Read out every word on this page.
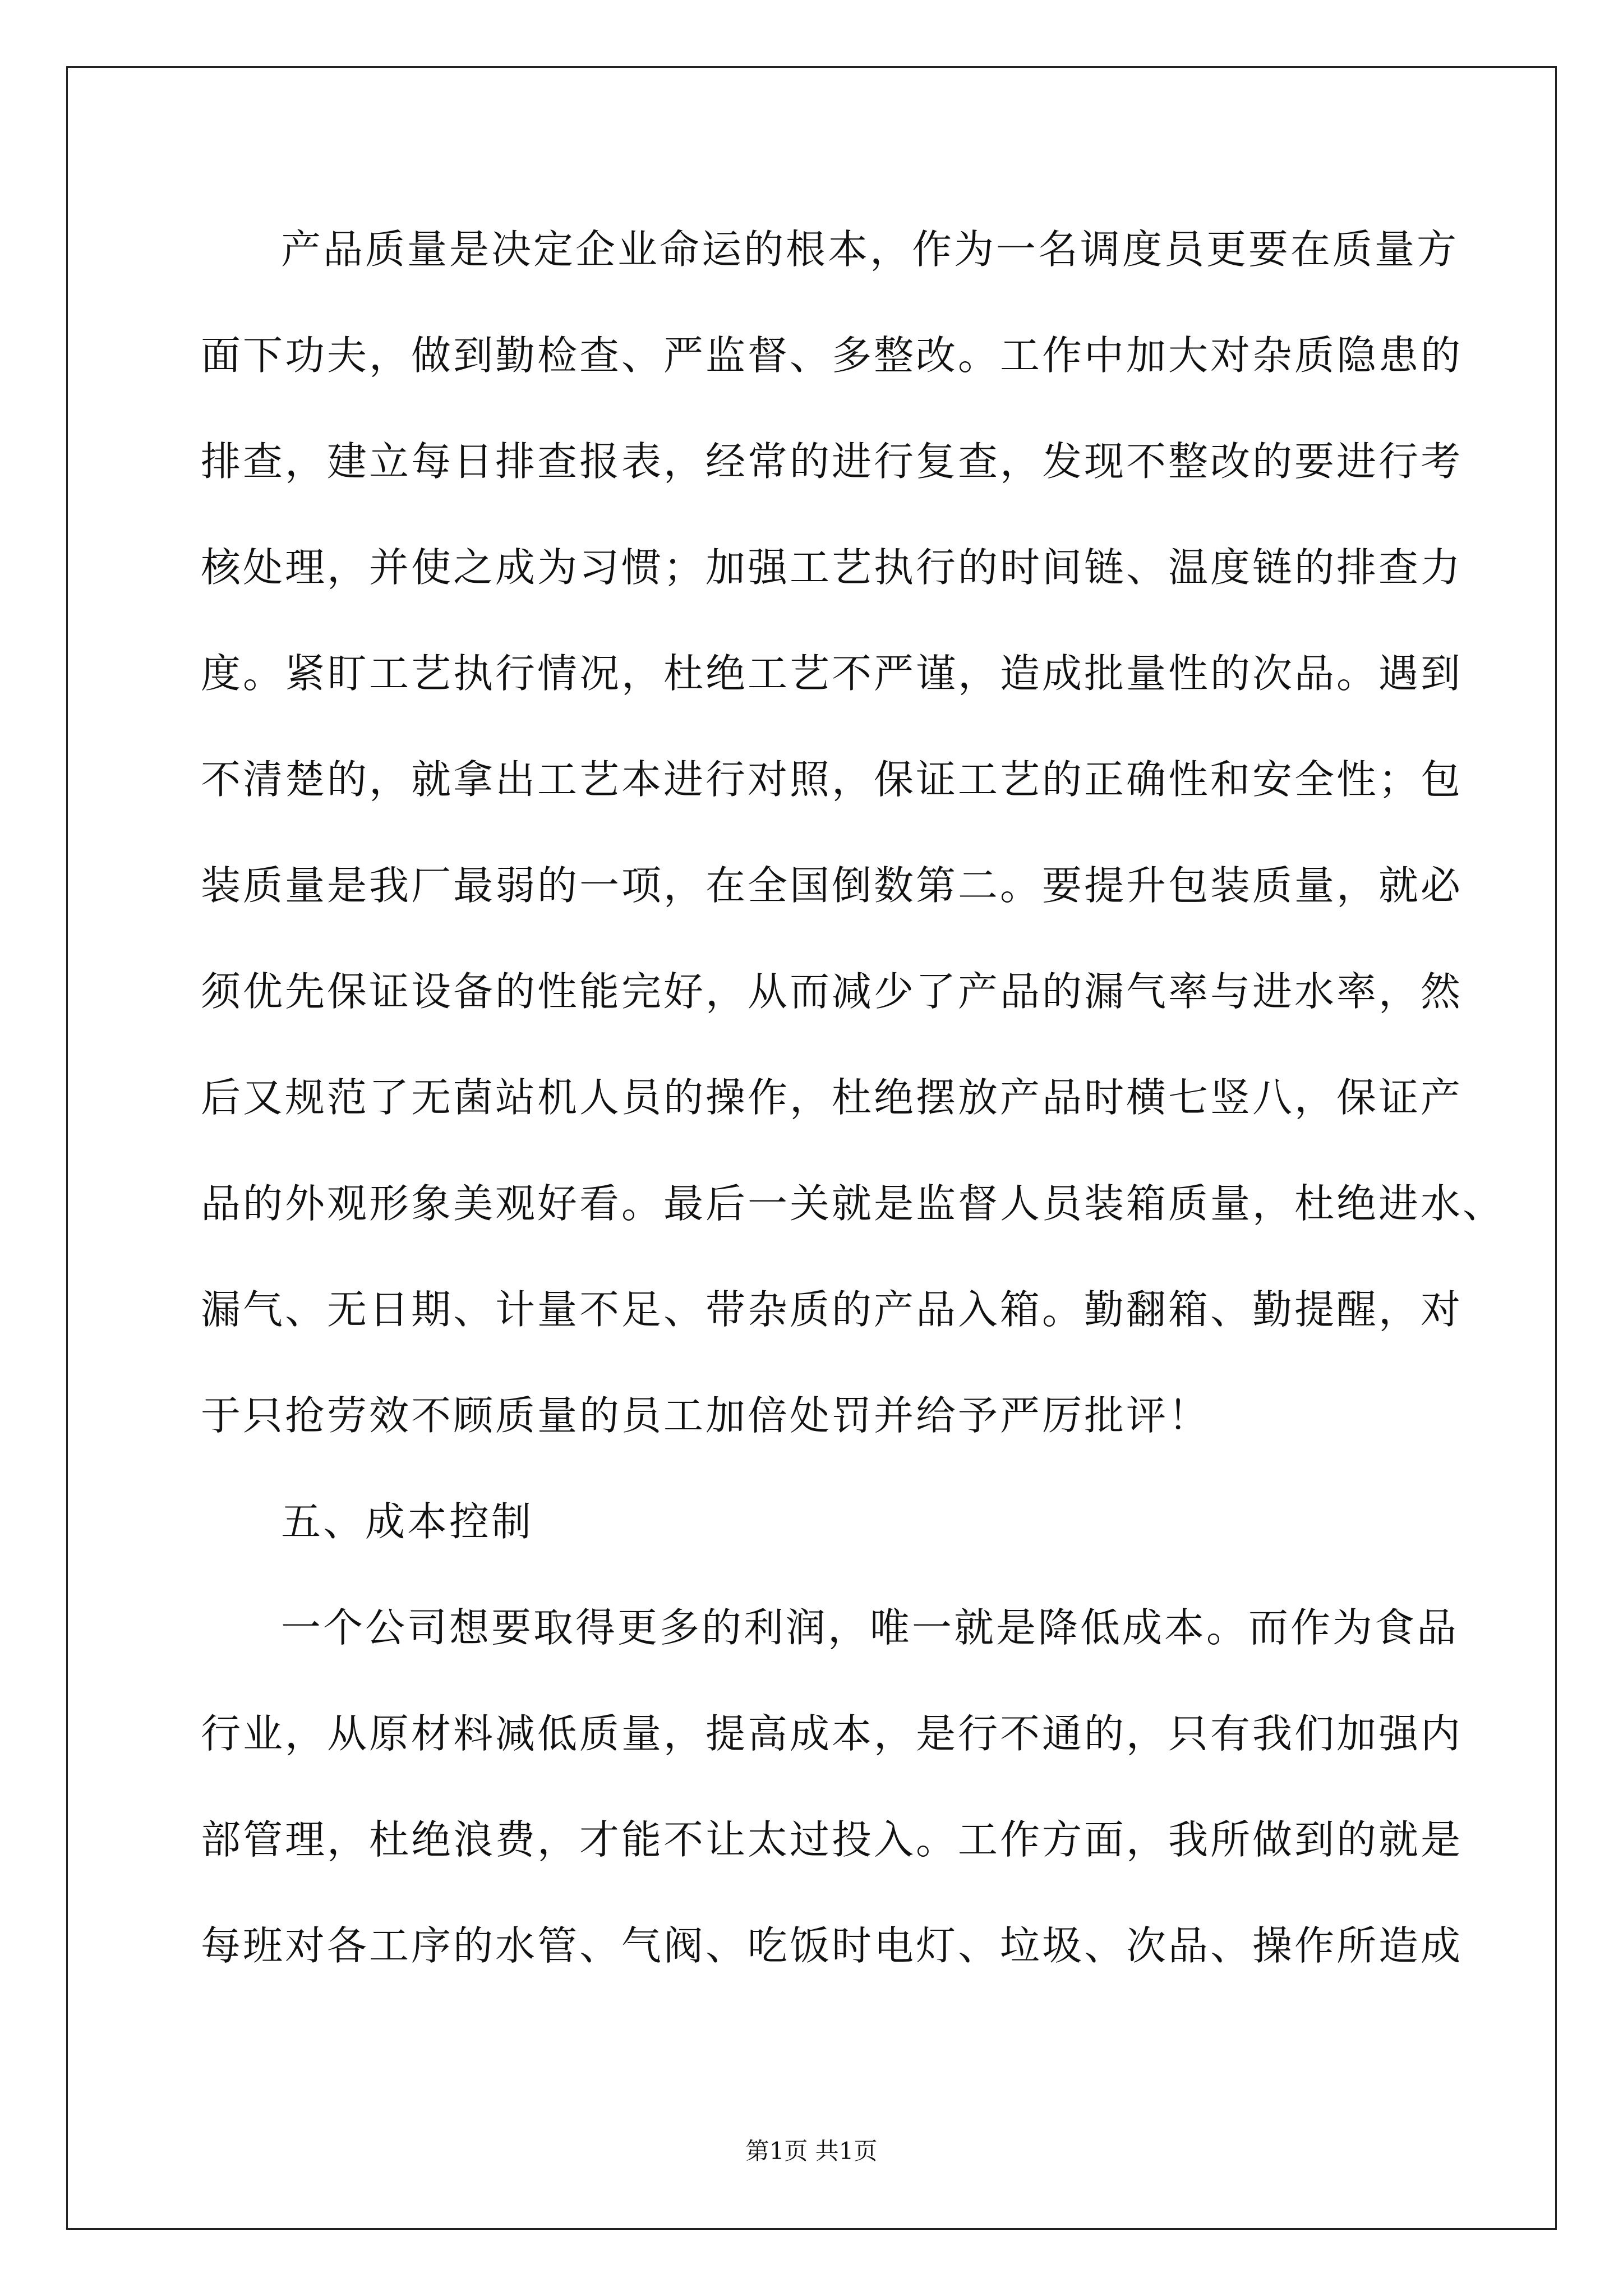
产品质量是决定企业命运的根本，作为一名调度员更要在质量方
面下功夫，做到勤检查、严监督、多整改。工作中加大对杂质隐患的
排查，建立每日排查报表，经常的进行复查，发现不整改的要进行考
核处理，并使之成为习惯；加强工艺执行的时间链、温度链的排查力
度。紧盯工艺执行情况，杜绝工艺不严谨，造成批量性的次品。遇到
不清楚的，就拿出工艺本进行对照，保证工艺的正确性和安全性；包
装质量是我厂最弱的一项，在全国倒数第二。要提升包装质量，就必
须优先保证设备的性能完好，从而减少了产品的漏气率与进水率，然
后又规范了无菌站机人员的操作，杜绝摆放产品时横七竖八，保证产
品的外观形象美观好看。最后一关就是监督人员装箱质量，杜绝进水、
漏气、无日期、计量不足、带杂质的产品入箱。勤翻箱、勤提醒，对
于只抢劳效不顾质量的员工加倍处罚并给予严厉批评！
五、成本控制
一个公司想要取得更多的利润，唯一就是降低成本。而作为食品
行业，从原材料减低质量，提高成本，是行不通的，只有我们加强内
部管理，杜绝浪费，才能不让太过投入。工作方面，我所做到的就是
每班对各工序的水管、气阀、吃饭时电灯、垃圾、次品、操作所造成
第1页 共1页
